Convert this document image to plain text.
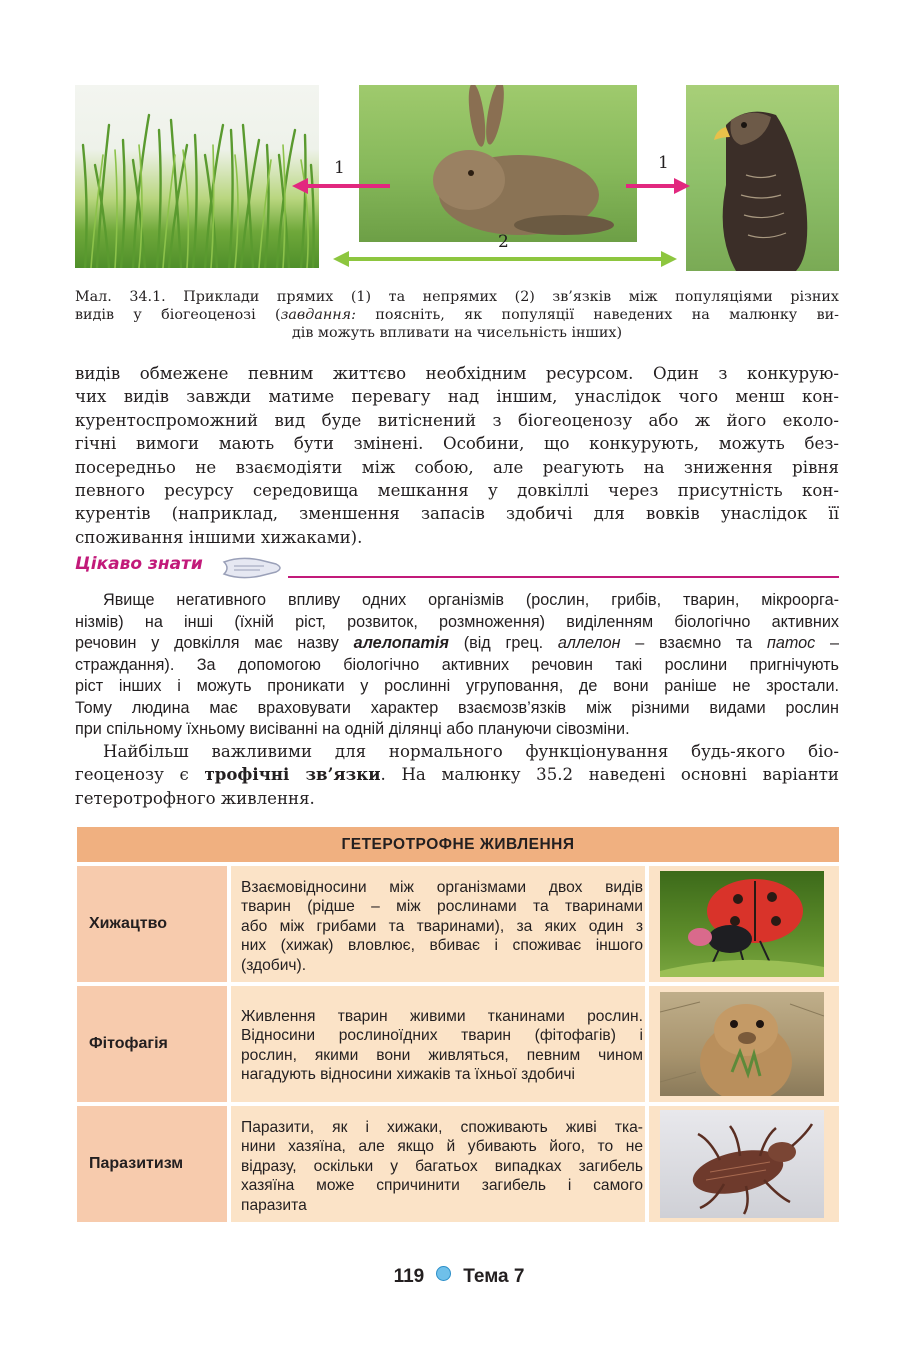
1	1
2
Мал. 34.1. Приклади прямих (1) та непрямих (2) зв’язків між популяціями різних
видів у біогеоценозі (завдання: поясніть, як популяції наведених на малюнку ви-
дів можуть впливати на чисельність інших)
видів обмежене певним життєво необхідним ресурсом. Один з конкурую-
чих видів завжди матиме перевагу над іншим, унаслідок чого менш кон-
курентоспроможний вид буде витіснений з біогеоценозу або ж його еколо-
гічні вимоги мають бути змінені. Особини, що конкурують, можуть без-
посередньо не взаємодіяти між собою, але реагують на зниження рівня
певного ресурсу середовища мешкання у довкіллі через присутність кон-
курентів (наприклад, зменшення запасів здобичі для вовків унаслідок її
споживання іншими хижаками).
Цікаво знати
Явище негативного впливу одних організмів (рослин, грибів, тварин, мікроорга-
нізмів) на інші (їхній ріст, розвиток, розмноження) виділенням біологічно активних
речовин у довкілля має назву алелопатія (від грец. аллелон – взаємно та патос –
страждання). За допомогою біологічно активних речовин такі рослини пригнічують
ріст інших і можуть проникати у рослинні угруповання, де вони раніше не зростали.
Тому людина має враховувати характер взаємозв’язків між різними видами рослин
при спільному їхньому висіванні на одній ділянці або плануючи сівозміни.
Найбільш важливими для нормального функціонування будь-якого біо-
геоценозу є трофічні зв’язки. На малюнку 35.2 наведені основні варіанти
гетеротрофного живлення.
ГЕТЕРОТРОФНЕ ЖИВЛЕННЯ
Хижацтво
Взаємовідносини між організмами двох видів
тварин (рідше – між рослинами та тваринами
або між грибами та тваринами), за яких один з
них (хижак) вловлює, вбиває і споживає іншого
(здобич).
Фітофагія
Живлення тварин живими тканинами рослин.
Відносини рослиноїдних тварин (фітофагів) і
рослин, якими вони живляться, певним чином
нагадують відносини хижаків та їхньої здобичі
Паразитизм
Паразити, як і хижаки, споживають живі тка-
нини хазяїна, але якщо й убивають його, то не
відразу, оскільки у багатьох випадках загибель
хазяїна може спричинити загибель і самого
паразита
119 Тема 7
